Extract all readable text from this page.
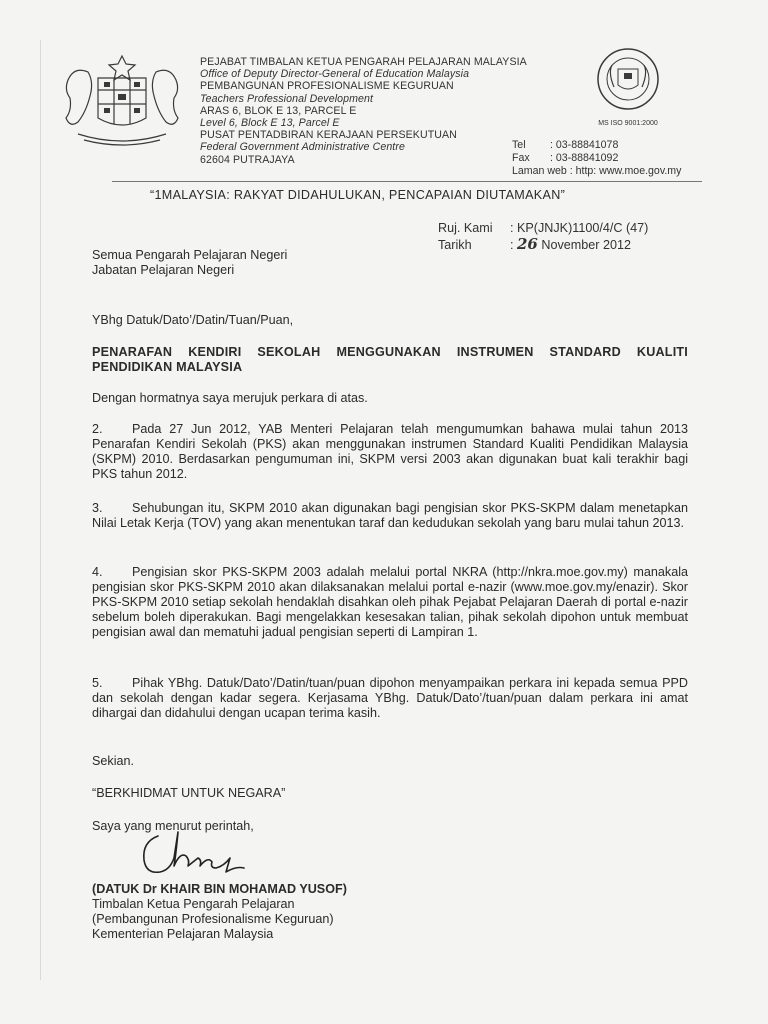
PEJABAT TIMBALAN KETUA PENGARAH PELAJARAN MALAYSIA
Office of Deputy Director-General of Education Malaysia
PEMBANGUNAN PROFESIONALISME KEGURUAN
Teachers Professional Development
ARAS 6, BLOK E 13, PARCEL E
Level 6, Block E 13, Parcel E
PUSAT PENTADBIRAN KERAJAAN PERSEKUTUAN
Federal Government Administrative Centre
62604 PUTRAJAYA
MS ISO 9001:2000
Tel : 03-88841078
Fax : 03-88841092
Laman web : http: www.moe.gov.my
“1MALAYSIA: RAKYAT DIDAHULUKAN, PENCAPAIAN DIUTAMAKAN”
Ruj. Kami : KP(JNJK)1100/4/C (47)
Tarikh	: 26 November 2012
Semua Pengarah Pelajaran Negeri
Jabatan Pelajaran Negeri
YBhg Datuk/Dato’/Datin/Tuan/Puan,
PENARAFAN KENDIRI SEKOLAH MENGGUNAKAN INSTRUMEN STANDARD KUALITI PENDIDIKAN MALAYSIA
Dengan hormatnya saya merujuk perkara di atas.
2. Pada 27 Jun 2012, YAB Menteri Pelajaran telah mengumumkan bahawa mulai tahun 2013 Penarafan Kendiri Sekolah (PKS) akan menggunakan instrumen Standard Kualiti Pendidikan Malaysia (SKPM) 2010. Berdasarkan pengumuman ini, SKPM versi 2003 akan digunakan buat kali terakhir bagi PKS tahun 2012.
3. Sehubungan itu, SKPM 2010 akan digunakan bagi pengisian skor PKS-SKPM dalam menetapkan Nilai Letak Kerja (TOV) yang akan menentukan taraf dan kedudukan sekolah yang baru mulai tahun 2013.
4. Pengisian skor PKS-SKPM 2003 adalah melalui portal NKRA (http://nkra.moe.gov.my) manakala pengisian skor PKS-SKPM 2010 akan dilaksanakan melalui portal e-nazir (www.moe.gov.my/enazir). Skor PKS-SKPM 2010 setiap sekolah hendaklah disahkan oleh pihak Pejabat Pelajaran Daerah di portal e-nazir sebelum boleh diperakukan. Bagi mengelakkan kesesakan talian, pihak sekolah dipohon untuk membuat pengisian awal dan mematuhi jadual pengisian seperti di Lampiran 1.
5. Pihak YBhg. Datuk/Dato’/Datin/tuan/puan dipohon menyampaikan perkara ini kepada semua PPD dan sekolah dengan kadar segera. Kerjasama YBhg. Datuk/Dato’/tuan/puan dalam perkara ini amat dihargai dan didahului dengan ucapan terima kasih.
Sekian.
“BERKHIDMAT UNTUK NEGARA”
Saya yang menurut perintah,
(DATUK Dr KHAIR BIN MOHAMAD YUSOF)
Timbalan Ketua Pengarah Pelajaran
(Pembangunan Profesionalisme Keguruan)
Kementerian Pelajaran Malaysia
